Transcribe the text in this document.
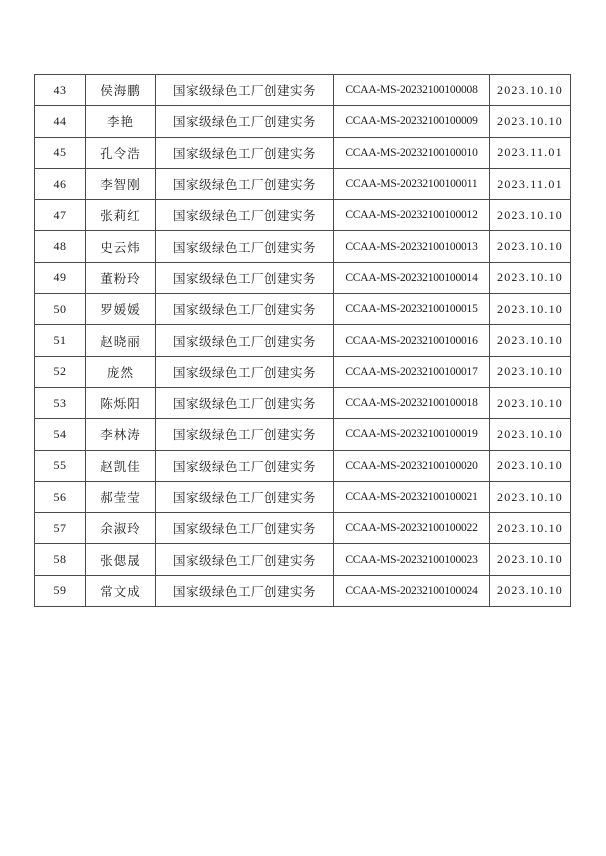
43	侯海鹏	国家级绿色工厂创建实务	CCAA-MS-20232100100008	2023.10.10
44	李艳	国家级绿色工厂创建实务	CCAA-MS-20232100100009	2023.10.10
45	孔令浩	国家级绿色工厂创建实务	CCAA-MS-20232100100010	2023.11.01
46	李智刚	国家级绿色工厂创建实务	CCAA-MS-20232100100011	2023.11.01
47	张莉红	国家级绿色工厂创建实务	CCAA-MS-20232100100012	2023.10.10
48	史云炜	国家级绿色工厂创建实务	CCAA-MS-20232100100013	2023.10.10
49	董粉玲	国家级绿色工厂创建实务	CCAA-MS-20232100100014	2023.10.10
50	罗媛媛	国家级绿色工厂创建实务	CCAA-MS-20232100100015	2023.10.10
51	赵晓丽	国家级绿色工厂创建实务	CCAA-MS-20232100100016	2023.10.10
52	庞然	国家级绿色工厂创建实务	CCAA-MS-20232100100017	2023.10.10
53	陈烁阳	国家级绿色工厂创建实务	CCAA-MS-20232100100018	2023.10.10
54	李林涛	国家级绿色工厂创建实务	CCAA-MS-20232100100019	2023.10.10
55	赵凯佳	国家级绿色工厂创建实务	CCAA-MS-20232100100020	2023.10.10
56	郝莹莹	国家级绿色工厂创建实务	CCAA-MS-20232100100021	2023.10.10
57	余淑玲	国家级绿色工厂创建实务	CCAA-MS-20232100100022	2023.10.10
58	张偲晟	国家级绿色工厂创建实务	CCAA-MS-20232100100023	2023.10.10
59	常文成	国家级绿色工厂创建实务	CCAA-MS-20232100100024	2023.10.10
